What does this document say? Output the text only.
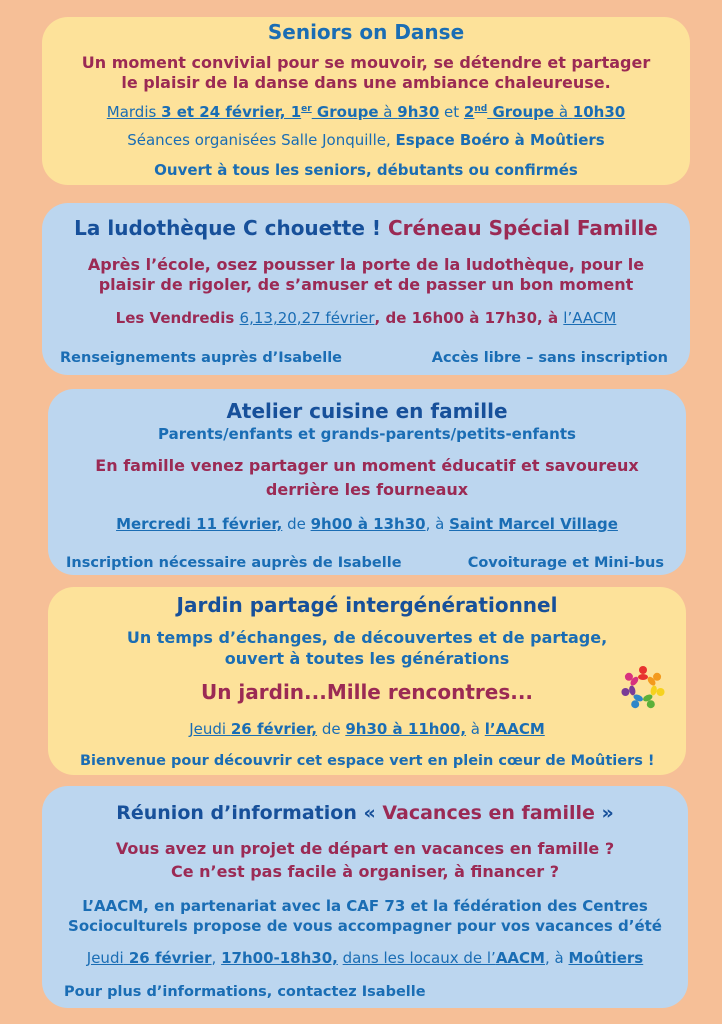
Seniors on Danse
Un moment convivial pour se mouvoir, se détendre et partager
le plaisir de la danse dans une ambiance chaleureuse.
Mardis 3 et 24 février, 1er Groupe à 9h30 et 2nd Groupe à 10h30
Séances organisées Salle Jonquille, Espace Boéro à Moûtiers
Ouvert à tous les seniors, débutants ou confirmés
La ludothèque C chouette ! Créneau Spécial Famille
Après l’école, osez pousser la porte de la ludothèque, pour le
plaisir de rigoler, de s’amuser et de passer un bon moment
Les Vendredis 6,13,20,27 février, de 16h00 à 17h30, à l’AACM
Renseignements auprès d’Isabelle	Accès libre – sans inscription
Atelier cuisine en famille
Parents/enfants et grands-parents/petits-enfants
En famille venez partager un moment éducatif et savoureux
derrière les fourneaux
Mercredi 11 février, de 9h00 à 13h30, à Saint Marcel Village
Inscription nécessaire auprès de Isabelle	Covoiturage et Mini-bus
Jardin partagé intergénérationnel
Un temps d’échanges, de découvertes et de partage,
ouvert à toutes les générations
Un jardin...Mille rencontres...
Jeudi 26 février, de 9h30 à 11h00, à l’AACM
Bienvenue pour découvrir cet espace vert en plein cœur de Moûtiers !
Réunion d’information « Vacances en famille »
Vous avez un projet de départ en vacances en famille ?
Ce n’est pas facile à organiser, à financer ?
L’AACM, en partenariat avec la CAF 73 et la fédération des Centres
Socioculturels propose de vous accompagner pour vos vacances d’été
Jeudi 26 février, 17h00-18h30, dans les locaux de l’AACM, à Moûtiers
Pour plus d’informations, contactez Isabelle
